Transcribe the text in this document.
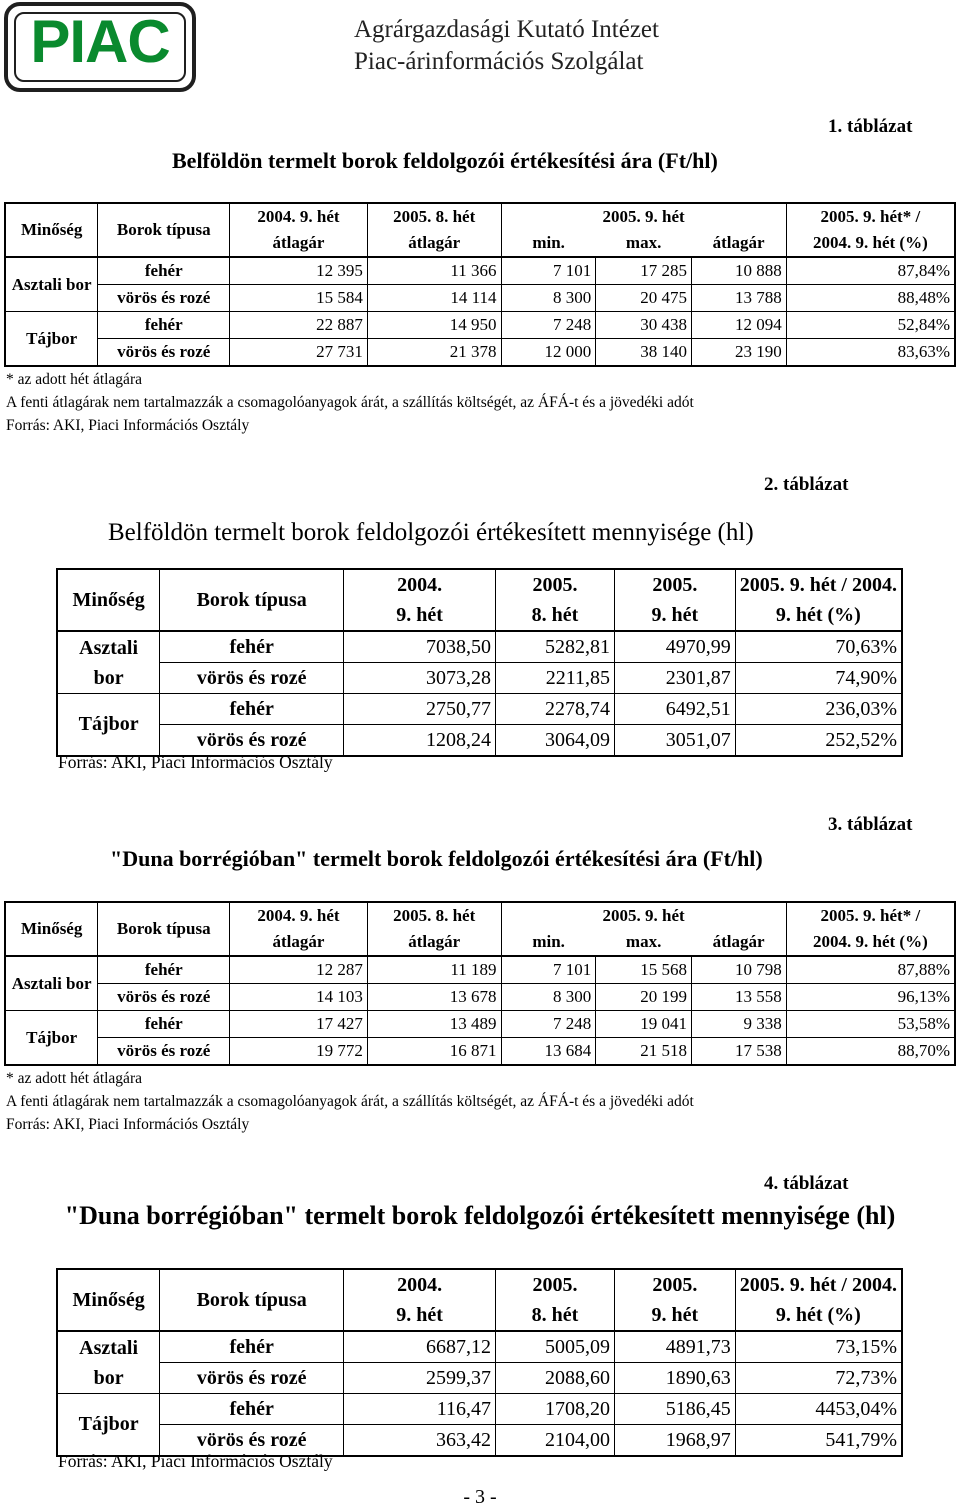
PIAC	Agrárgazdasági Kutató Intézet
Piac-árinformációs Szolgálat
1. táblázat
Belföldön termelt borok feldolgozói értékesítési ára (Ft/hl)
Minőség	Borok típusa	2004. 9. hét	2005. 8. hét	2005. 9. hét			2005. 9. hét* /
		átlagár	átlagár	min.	max.	átlagár	2004. 9. hét (%)
Asztali bor	fehér	12 395	11 366	7 101	17 285	10 888	87,84%
	vörös és rozé	15 584	14 114	8 300	20 475	13 788	88,48%
Tájbor	fehér	22 887	14 950	7 248	30 438	12 094	52,84%
	vörös és rozé	27 731	21 378	12 000	38 140	23 190	83,63%
* az adott hét átlagára
A fenti átlagárak nem tartalmazzák a csomagolóanyagok árát, a szállítás költségét, az ÁFÁ-t és a jövedéki adót
Forrás: AKI, Piaci Információs Osztály
2. táblázat
Belföldön termelt borok feldolgozói értékesített mennyisége (hl)
Minőség	Borok típusa	2004.	2005.	2005.	2005. 9. hét / 2004.
		9. hét	8. hét	9. hét	9. hét (%)
Asztali bor	fehér	7038,50	5282,81	4970,99	70,63%
	vörös és rozé	3073,28	2211,85	2301,87	74,90%
Tájbor	fehér	2750,77	2278,74	6492,51	236,03%
	vörös és rozé	1208,24	3064,09	3051,07	252,52%
Forrás: AKI, Piaci Információs Osztály
3. táblázat
"Duna borrégióban" termelt borok feldolgozói értékesítési ára (Ft/hl)
Minőség	Borok típusa	2004. 9. hét	2005. 8. hét	2005. 9. hét			2005. 9. hét* /
		átlagár	átlagár	min.	max.	átlagár	2004. 9. hét (%)
Asztali bor	fehér	12 287	11 189	7 101	15 568	10 798	87,88%
	vörös és rozé	14 103	13 678	8 300	20 199	13 558	96,13%
Tájbor	fehér	17 427	13 489	7 248	19 041	9 338	53,58%
	vörös és rozé	19 772	16 871	13 684	21 518	17 538	88,70%
* az adott hét átlagára
A fenti átlagárak nem tartalmazzák a csomagolóanyagok árát, a szállítás költségét, az ÁFÁ-t és a jövedéki adót
Forrás: AKI, Piaci Információs Osztály
4. táblázat
"Duna borrégióban" termelt borok feldolgozói értékesített mennyisége (hl)
Minőség	Borok típusa	2004.	2005.	2005.	2005. 9. hét / 2004.
		9. hét	8. hét	9. hét	9. hét (%)
Asztali bor	fehér	6687,12	5005,09	4891,73	73,15%
	vörös és rozé	2599,37	2088,60	1890,63	72,73%
Tájbor	fehér	116,47	1708,20	5186,45	4453,04%
	vörös és rozé	363,42	2104,00	1968,97	541,79%
Forrás: AKI, Piaci Információs Osztály
- 3 -
